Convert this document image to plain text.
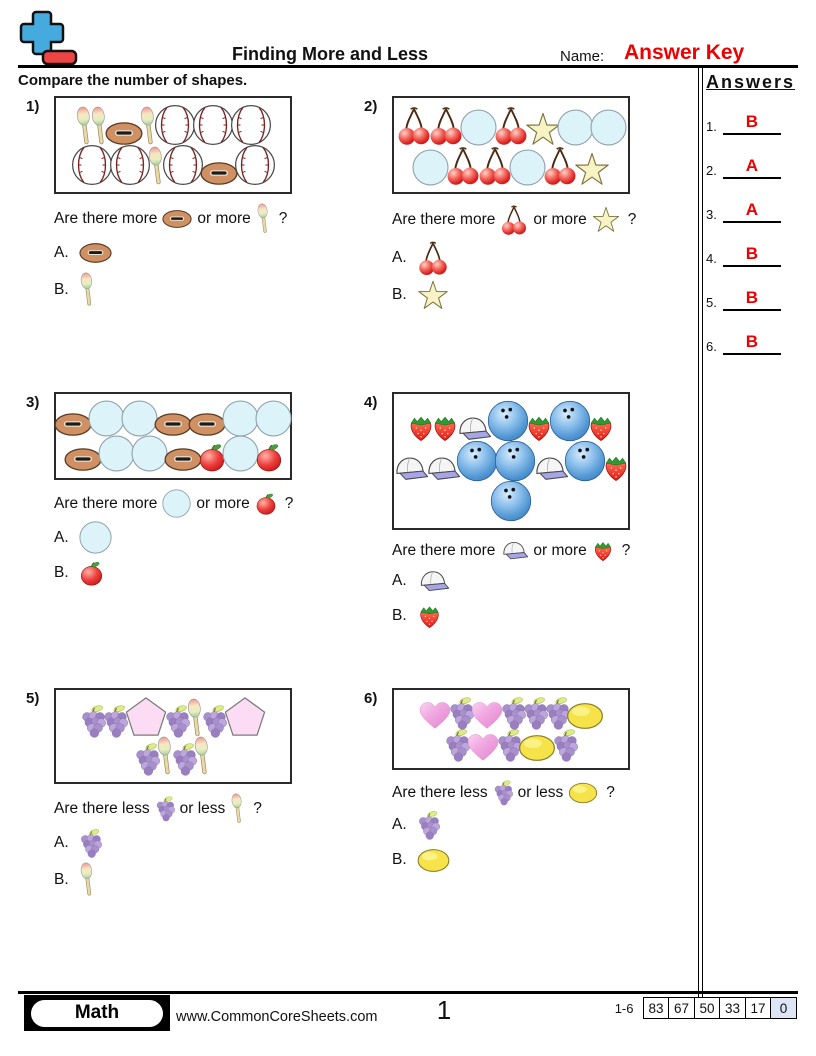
Finding More and Less	Name: Answer Key
Compare the number of shapes.	Answers
1.	B
2.	A
3.	A
4.	B
5.	B
6.	B
1)
Are there more	or more ?
A.
B.
2)
Are there more or more	?
A.
B.
3)
Are there more	or more ?
A.
B.
4)
Are there more or more ?
A.
B.
5)
Are there less or less ?
A.
B.
6)
Are there less or less	?
A.
B.
Math	www.CommonCoreSheets.com	1	1-6	83 67 50 33 17	0
